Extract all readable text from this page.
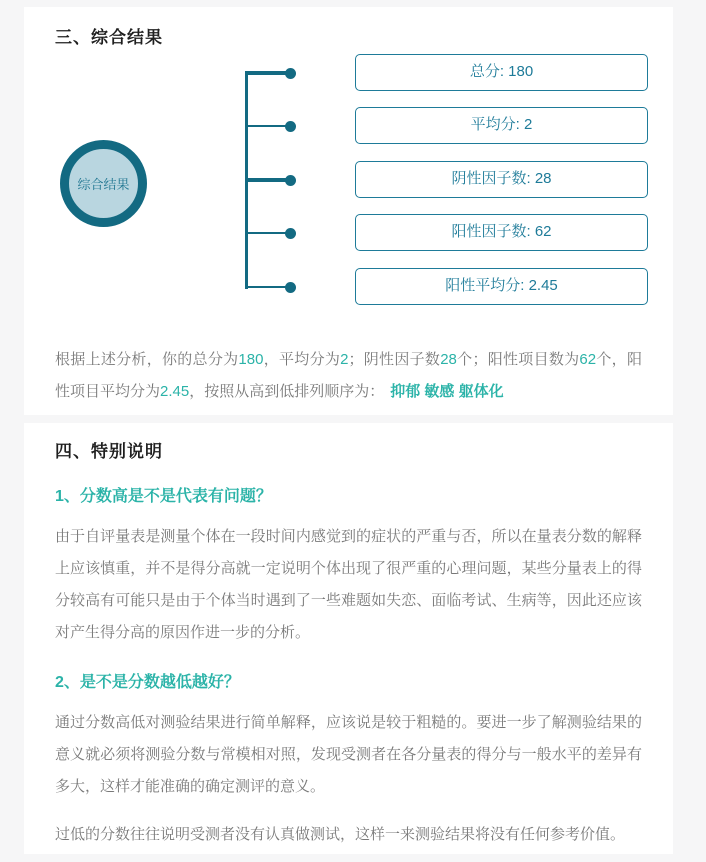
三、综合结果
综合结果
总分: 180
平均分: 2
阴性因子数: 28
阳性因子数: 62
阳性平均分: 2.45

根据上述分析，你的总分为180，平均分为2；阴性因子数28个；阳性项目数为62个，阳性项目平均分为2.45，按照从高到低排列顺序为： 抑郁 敏感 躯体化

四、特别说明
1、分数高是不是代表有问题？

由于自评量表是测量个体在一段时间内感觉到的症状的严重与否，所以在量表分数的解释上应该慎重，并不是得分高就一定说明个体出现了很严重的心理问题，某些分量表上的得分较高有可能只是由于个体当时遇到了一些难题如失恋、面临考试、生病等，因此还应该对产生得分高的原因作进一步的分析。

2、是不是分数越低越好？

通过分数高低对测验结果进行简单解释，应该说是较于粗糙的。要进一步了解测验结果的意义就必须将测验分数与常模相对照，发现受测者在各分量表的得分与一般水平的差异有多大，这样才能准确的确定测评的意义。

过低的分数往往说明受测者没有认真做测试，这样一来测验结果将没有任何参考价值。
